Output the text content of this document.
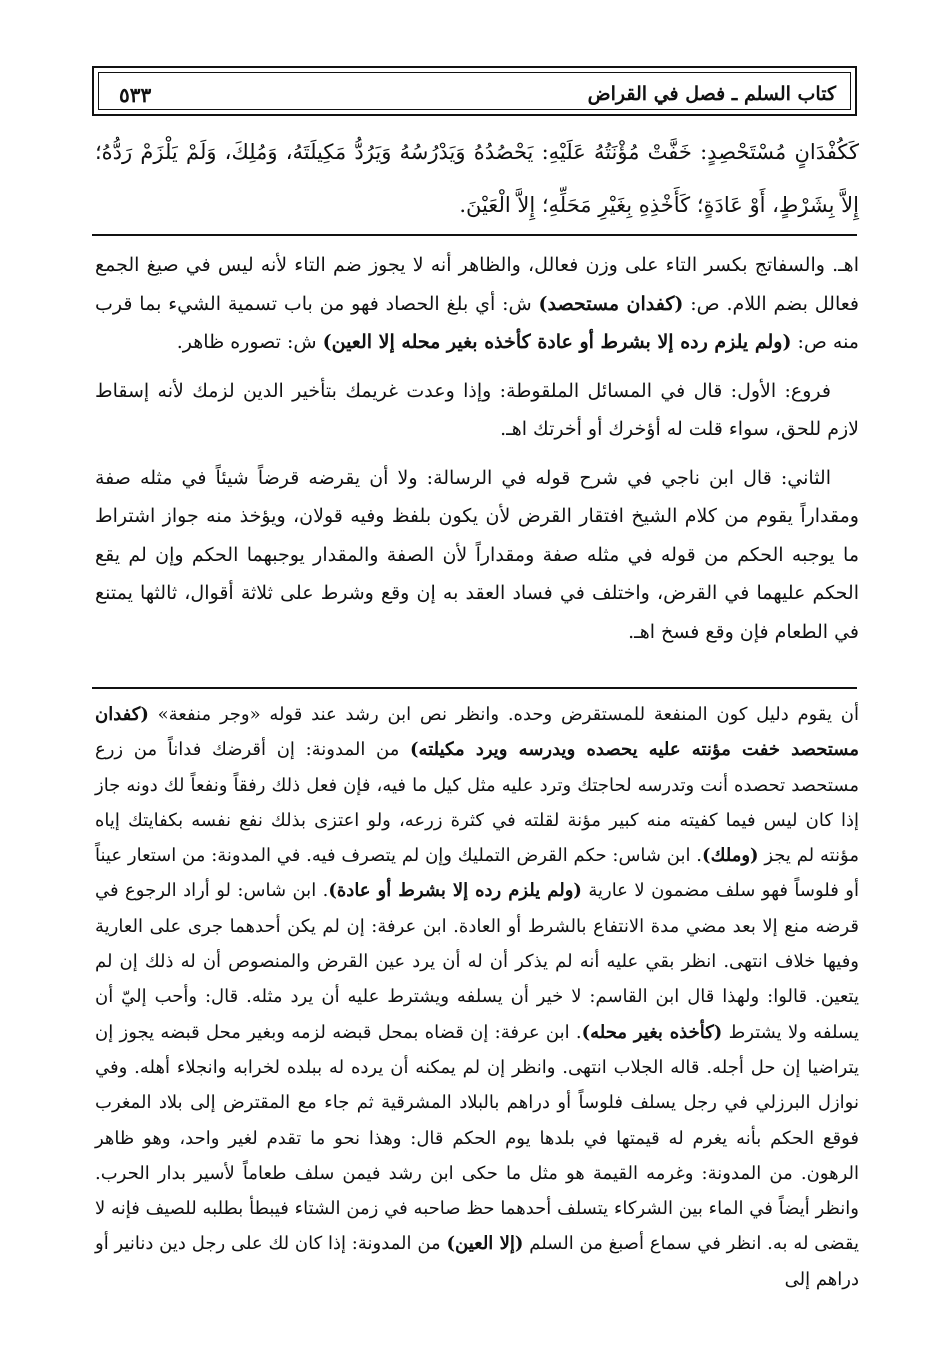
كتاب السلم ـ فصل في القراض
٥٣٣
كَكُفْدَانٍ مُسْتَحْصِدٍ: خَفَّتْ مُؤْنَتُهُ عَلَيْهِ: يَحْصُدُهُ وَيَدْرُسُهُ وَيَرُدُّ مَكِيلَتَهُ، وَمُلِكَ، وَلَمْ يَلْزَمْ رَدُّهُ؛ إِلاَّ بِشَرْطٍ، أَوْ عَادَةٍ؛ كَأَخْذِهِ بِغَيْرِ مَحَلِّهِ؛ إِلاَّ الْعَيْنَ.

اهـ. والسفاتج بكسر التاء على وزن فعالل، والظاهر أنه لا يجوز ضم التاء لأنه ليس في صيغ الجمع فعالل بضم اللام. ص: (كفدان مستحصد) ش: أي بلغ الحصاد فهو من باب تسمية الشيء بما قرب منه ص: (ولم يلزم رده إلا بشرط أو عادة كأخذه بغير محله إلا العين) ش: تصوره ظاهر.

فروع: الأول: قال في المسائل الملقوطة: وإذا وعدت غريمك بتأخير الدين لزمك لأنه إسقاط لازم للحق، سواء قلت له أؤخرك أو أخرتك اهـ.

الثاني: قال ابن ناجي في شرح قوله في الرسالة: ولا أن يقرضه قرضاً شيئاً في مثله صفة ومقداراً يقوم من كلام الشيخ افتقار القرض لأن يكون بلفظ وفيه قولان، ويؤخذ منه جواز اشتراط ما يوجبه الحكم من قوله في مثله صفة ومقداراً لأن الصفة والمقدار يوجبهما الحكم وإن لم يقع الحكم عليهما في القرض، واختلف في فساد العقد به إن وقع وشرط على ثلاثة أقوال، ثالثها يمتنع في الطعام فإن وقع فسخ اهـ.

أن يقوم دليل كون المنفعة للمستقرض وحده. وانظر نص ابن رشد عند قوله «وجر منفعة» (كفدان مستحصد خفت مؤنته عليه يحصده ويدرسه ويرد مكيلته) من المدونة: إن أقرضك فداناً من زرع مستحصد تحصده أنت وتدرسه لحاجتك وترد عليه مثل كيل ما فيه، فإن فعل ذلك رفقاً ونفعاً لك دونه جاز إذا كان ليس فيما كفيته منه كبير مؤنة لقلته في كثرة زرعه، ولو اعتزى بذلك نفع نفسه بكفايتك إياه مؤنته لم يجز (وملك). ابن شاس: حكم القرض التمليك وإن لم يتصرف فيه. في المدونة: من استعار عيناً أو فلوساً فهو سلف مضمون لا عارية (ولم يلزم رده إلا بشرط أو عادة). ابن شاس: لو أراد الرجوع في قرضه منع إلا بعد مضي مدة الانتفاع بالشرط أو العادة. ابن عرفة: إن لم يكن أحدهما جرى على العارية وفيها خلاف انتهى. انظر بقي عليه أنه لم يذكر أن له أن يرد عين القرض والمنصوص أن له ذلك إن لم يتعين. قالوا: ولهذا قال ابن القاسم: لا خير أن يسلفه ويشترط عليه أن يرد مثله. قال: وأحب إليّ أن يسلفه ولا يشترط (كأخذه بغير محله). ابن عرفة: إن قضاه بمحل قبضه لزمه وبغير محل قبضه يجوز إن يتراضيا إن حل أجله. قاله الجلاب انتهى. وانظر إن لم يمكنه أن يرده له ببلده لخرابه وانجلاء أهله. وفي نوازل البرزلي في رجل يسلف فلوساً أو دراهم بالبلاد المشرقية ثم جاء مع المقترض إلى بلاد المغرب فوقع الحكم بأنه يغرم له قيمتها في بلدها يوم الحكم قال: وهذا نحو ما تقدم لغير واحد، وهو ظاهر الرهون. من المدونة: وغرمه القيمة هو مثل ما حكى ابن رشد فيمن سلف طعاماً لأسير بدار الحرب. وانظر أيضاً في الماء بين الشركاء يتسلف أحدهما حظ صاحبه في زمن الشتاء فيبطأ بطلبه للصيف فإنه لا يقضى له به. انظر في سماع أصبغ من السلم (إلا العين) من المدونة: إذا كان لك على رجل دين دنانير أو دراهم إلى
